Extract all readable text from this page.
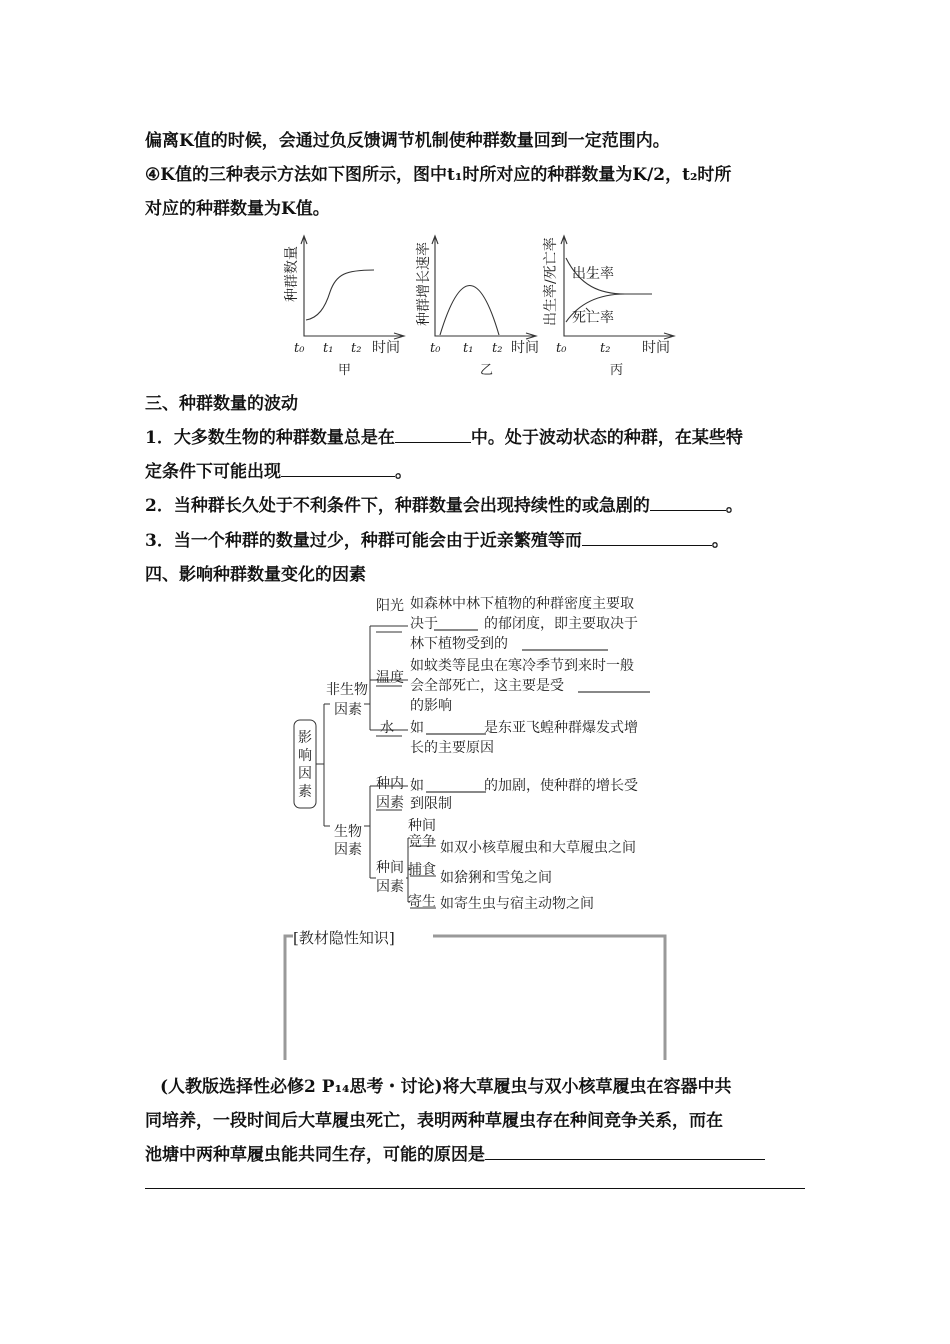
偏离K值的时候，会通过负反馈调节机制使种群数量回到一定范围内。
④K值的三种表示方法如下图所示，图中t₁时所对应的种群数量为K/2，t₂时所
对应的种群数量为K值。
种群数量	种群增长速率	出生率/死亡率 出生率
死亡率
t₀ t₁ t₂	t₀ t₁ t₂	t₀	t₂
时间	时间	时间
甲	乙	丙
三、种群数量的波动
1．大多数生物的种群数量总是在	中。处于波动状态的种群，在某些特
定条件下可能出现	。
2．当种群长久处于不利条件下，种群数量会出现持续性的或急剧的	。
3．当一个种群的数量过少，种群可能会由于近亲繁殖等而	。
四、影响种群数量变化的因素
影
响
因
素
非生物
因素
生物
因素
阳光
温度
水
种内
因素
种间
因素
种间
竞争
捕食
寄生
如森林中林下植物的种群密度主要取
决于	的郁闭度，即主要取决于
林下植物受到的
如蚊类等昆虫在寒冷季节到来时一般
会全部死亡，这主要是受
的影响
如	是东亚飞蝗种群爆发式增
长的主要原因
如	的加剧，使种群的增长受
到限制
如双小核草履虫和大草履虫之间
如猞猁和雪兔之间
如寄生虫与宿主动物之间
[教材隐性知识]
(人教版选择性必修2 P₁₄思考・讨论)将大草履虫与双小核草履虫在容器中共
同培养，一段时间后大草履虫死亡，表明两种草履虫存在种间竞争关系，而在
池塘中两种草履虫能共同生存，可能的原因是
